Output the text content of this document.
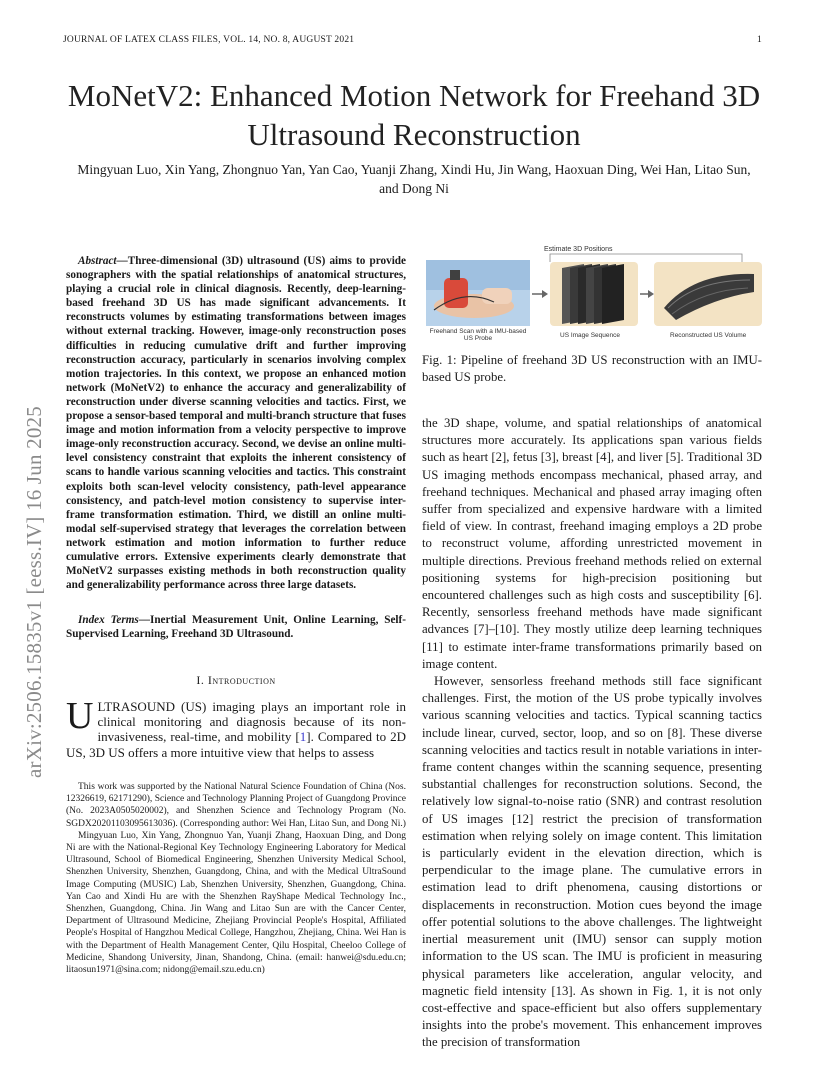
JOURNAL OF LATEX CLASS FILES, VOL. 14, NO. 8, AUGUST 2021	1
MoNetV2: Enhanced Motion Network for Freehand 3D Ultrasound Reconstruction
Mingyuan Luo, Xin Yang, Zhongnuo Yan, Yan Cao, Yuanji Zhang, Xindi Hu, Jin Wang, Haoxuan Ding, Wei Han, Litao Sun, and Dong Ni
arXiv:2506.15835v1 [eess.IV] 16 Jun 2025
Abstract—Three-dimensional (3D) ultrasound (US) aims to provide sonographers with the spatial relationships of anatomical structures, playing a crucial role in clinical diagnosis. Recently, deep-learning-based freehand 3D US has made significant advancements. It reconstructs volumes by estimating transformations between images without external tracking. However, image-only reconstruction poses difficulties in reducing cumulative drift and further improving reconstruction accuracy, particularly in scenarios involving complex motion trajectories. In this context, we propose an enhanced motion network (MoNetV2) to enhance the accuracy and generalizability of reconstruction under diverse scanning velocities and tactics. First, we propose a sensor-based temporal and multi-branch structure that fuses image and motion information from a velocity perspective to improve image-only reconstruction accuracy. Second, we devise an online multi-level consistency constraint that exploits the inherent consistency of scans to handle various scanning velocities and tactics. This constraint exploits both scan-level velocity consistency, path-level appearance consistency, and patch-level motion consistency to supervise inter-frame transformation estimation. Third, we distill an online multi-modal self-supervised strategy that leverages the correlation between network estimation and motion information to further reduce cumulative errors. Extensive experiments clearly demonstrate that MoNetV2 surpasses existing methods in both reconstruction quality and generalizability performance across three large datasets.
Index Terms—Inertial Measurement Unit, Online Learning, Self-Supervised Learning, Freehand 3D Ultrasound.
I. Introduction
ULTRASOUND (US) imaging plays an important role in clinical monitoring and diagnosis because of its non-invasiveness, real-time, and mobility [1]. Compared to 2D US, 3D US offers a more intuitive view that helps to assess

This work was supported by the National Natural Science Foundation of China (Nos. 12326619, 62171290), Science and Technology Planning Project of Guangdong Province (No. 2023A0505020002), and Shenzhen Science and Technology Program (No. SGDX20201103095613036). (Corresponding author: Wei Han, Litao Sun, and Dong Ni.)

Mingyuan Luo, Xin Yang, Zhongnuo Yan, Yuanji Zhang, Haoxuan Ding, and Dong Ni are with the National-Regional Key Technology Engineering Laboratory for Medical Ultrasound, School of Biomedical Engineering, Shenzhen University Medical School, Shenzhen University, Shenzhen, Guangdong, China, and with the Medical UltraSound Image Computing (MUSIC) Lab, Shenzhen University, Shenzhen, Guangdong, China. Yan Cao and Xindi Hu are with the Shenzhen RayShape Medical Technology Inc., Shenzhen, Guangdong, China. Jin Wang and Litao Sun are with the Cancer Center, Department of Ultrasound Medicine, Zhejiang Provincial People's Hospital, Affiliated People's Hospital of Hangzhou Medical College, Hangzhou, Zhejiang, China. Wei Han is with the Department of Health Management Center, Qilu Hospital, Cheeloo College of Medicine, Shandong University, Jinan, Shandong, China. (email: hanwei@sdu.edu.cn; litaosun1971@sina.com; nidong@email.szu.edu.cn)

Estimate 3D Positions
Freehand Scan with a IMU-based US Probe	US Image Sequence	Reconstructed US Volume
Fig. 1: Pipeline of freehand 3D US reconstruction with an IMU-based US probe.

the 3D shape, volume, and spatial relationships of anatomical structures more accurately. Its applications span various fields such as heart [2], fetus [3], breast [4], and liver [5]. Traditional 3D US imaging methods encompass mechanical, phased array, and freehand techniques. Mechanical and phased array imaging often suffer from specialized and expensive hardware with a limited field of view. In contrast, freehand imaging employs a 2D probe to reconstruct volume, affording unrestricted movement in multiple directions. Previous freehand methods relied on external positioning systems for high-precision positioning but encountered challenges such as high costs and susceptibility [6]. Recently, sensorless freehand methods have made significant advances [7]–[10]. They mostly utilize deep learning techniques [11] to estimate inter-frame transformations primarily based on image content.

However, sensorless freehand methods still face significant challenges. First, the motion of the US probe typically involves various scanning velocities and tactics. Typical scanning tactics include linear, curved, sector, loop, and so on [8]. These diverse scanning velocities and tactics result in notable variations in inter-frame content changes within the scanning sequence, presenting substantial challenges for reconstruction solutions. Second, the relatively low signal-to-noise ratio (SNR) and contrast resolution of US images [12] restrict the precision of transformation estimation when relying solely on image content. This limitation is particularly evident in the elevation direction, which is perpendicular to the image plane. The cumulative errors in estimation lead to drift phenomena, causing distortions or displacements in reconstruction. Motion cues beyond the image offer potential solutions to the above challenges. The lightweight inertial measurement unit (IMU) sensor can supply motion information to the US scan. The IMU is proficient in measuring physical parameters like acceleration, angular velocity, and magnetic field intensity [13]. As shown in Fig. 1, it is not only cost-effective and space-efficient but also offers supplementary insights into the probe's movement. This enhancement improves the precision of transformation
